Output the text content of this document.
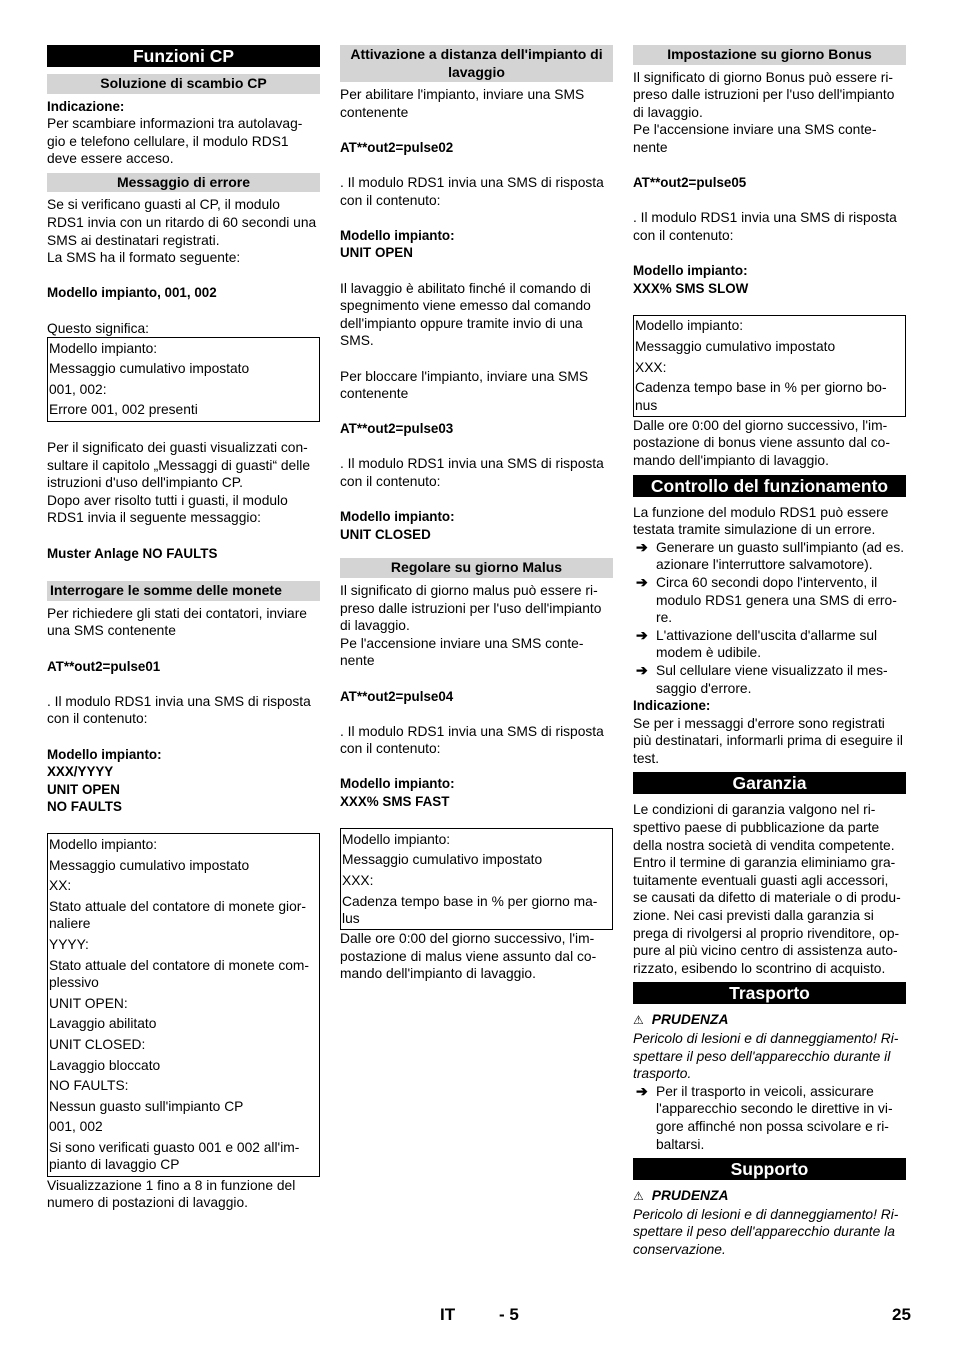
Funzioni CP
Soluzione di scambio CP
Indicazione:
Per scambiare informazioni tra autolavag-gio e telefono cellulare, il modulo RDS1 deve essere acceso.
Messaggio di errore
Se si verificano guasti al CP, il modulo RDS1 invia con un ritardo di 60 secondi una SMS ai destinatari registrati.
La SMS ha il formato seguente:
Modello impianto, 001, 002
Questo significa:
Modello impianto:
Messaggio cumulativo impostato
001, 002:
Errore 001, 002 presenti
Per il significato dei guasti visualizzati con-sultare il capitolo „Messaggi di guasti“ delle istruzioni d'uso dell'impianto CP.
Dopo aver risolto tutti i guasti, il modulo RDS1 invia il seguente messaggio:
Muster Anlage NO FAULTS
Interrogare le somme delle monete
Per richiedere gli stati dei contatori, inviare una SMS contenente
AT**out2=pulse01
. Il modulo RDS1 invia una SMS di risposta con il contenuto:
Modello impianto:
XXX/YYYY
UNIT OPEN
NO FAULTS
Modello impianto:
Messaggio cumulativo impostato
XX:
Stato attuale del contatore di monete gior-naliere
YYYY:
Stato attuale del contatore di monete com-plessivo
UNIT OPEN:
Lavaggio abilitato
UNIT CLOSED:
Lavaggio bloccato
NO FAULTS:
Nessun guasto sull'impianto CP
001, 002
Si sono verificati guasto 001 e 002 all'im-pianto di lavaggio CP
Visualizzazione 1 fino a 8 in funzione del numero di postazioni di lavaggio.
Attivazione a distanza dell'impianto di lavaggio
Per abilitare l'impianto, inviare una SMS contenente
AT**out2=pulse02
. Il modulo RDS1 invia una SMS di risposta con il contenuto:
Modello impianto:
UNIT OPEN
Il lavaggio è abilitato finché il comando di spegnimento viene emesso dal comando dell'impianto oppure tramite invio di una SMS.
Per bloccare l'impianto, inviare una SMS contenente
AT**out2=pulse03
. Il modulo RDS1 invia una SMS di risposta con il contenuto:
Modello impianto:
UNIT CLOSED
Regolare su giorno Malus
Il significato di giorno malus può essere ri-preso dalle istruzioni per l'uso dell'impianto di lavaggio.
Pe l'accensione inviare una SMS conte-nente
AT**out2=pulse04
. Il modulo RDS1 invia una SMS di risposta con il contenuto:
Modello impianto:
XXX% SMS FAST
Modello impianto:
Messaggio cumulativo impostato
XXX:
Cadenza tempo base in % per giorno ma-lus
Dalle ore 0:00 del giorno successivo, l'im-postazione di malus viene assunto dal co-mando dell'impianto di lavaggio.
Impostazione su giorno Bonus
Il significato di giorno Bonus può essere ri-preso dalle istruzioni per l'uso dell'impianto di lavaggio.
Pe l'accensione inviare una SMS conte-nente
AT**out2=pulse05
. Il modulo RDS1 invia una SMS di risposta con il contenuto:
Modello impianto:
XXX% SMS SLOW
Modello impianto:
Messaggio cumulativo impostato
XXX:
Cadenza tempo base in % per giorno bo-nus
Dalle ore 0:00 del giorno successivo, l'im-postazione di bonus viene assunto dal co-mando dell'impianto di lavaggio.
Controllo del funzionamento
La funzione del modulo RDS1 può essere testata tramite simulazione di un errore.
➔ Generare un guasto sull'impianto (ad es. azionare l'interruttore salvamotore).
➔ Circa 60 secondi dopo l'intervento, il modulo RDS1 genera una SMS di erro-re.
➔ L'attivazione dell'uscita d'allarme sul modem è udibile.
➔ Sul cellulare viene visualizzato il mes-saggio d'errore.
Indicazione:
Se per i messaggi d'errore sono registrati più destinatari, informarli prima di eseguire il test.
Garanzia
Le condizioni di garanzia valgono nel ri-spettivo paese di pubblicazione da parte della nostra società di vendita competente. Entro il termine di garanzia eliminiamo gra-tuitamente eventuali guasti agli accessori, se causati da difetto di materiale o di produ-zione. Nei casi previsti dalla garanzia si prega di rivolgersi al proprio rivenditore, op-pure al più vicino centro di assistenza auto-rizzato, esibendo lo scontrino di acquisto.
Trasporto
⚠ PRUDENZA
Pericolo di lesioni e di danneggiamento! Ri-spettare il peso dell'apparecchio durante il trasporto.
➔ Per il trasporto in veicoli, assicurare l'apparecchio secondo le direttive in vi-gore affinché non possa scivolare e ri-baltarsi.
Supporto
⚠ PRUDENZA
Pericolo di lesioni e di danneggiamento! Ri-spettare il peso dell'apparecchio durante la conservazione.
IT	- 5	25
